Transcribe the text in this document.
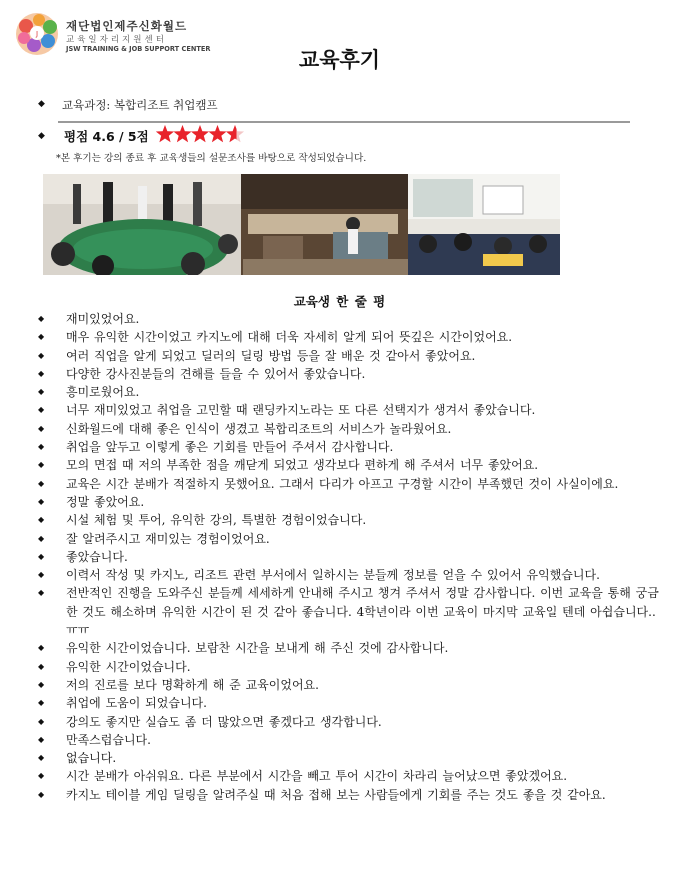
J
재단법인제주신화월드
교육일자리지원센터
JSW TRAINING & JOB SUPPORT CENTER	교육후기
◆ 교육과정: 복합리조트 취업캠프
◆ 평점 4.6 / 5점
*본 후기는 강의 종료 후 교육생들의 설문조사를 바탕으로 작성되었습니다.
교육생 한 줄 평
◆ 재미있었어요.
◆ 매우 유익한 시간이었고 카지노에 대해 더욱 자세히 알게 되어 뜻깊은 시간이었어요.
◆ 여러 직업을 알게 되었고 딜러의 딜링 방법 등을 잘 배운 것 같아서 좋았어요.
◆ 다양한 강사진분들의 견해를 들을 수 있어서 좋았습니다.
◆ 흥미로웠어요.
◆ 너무 재미있었고 취업을 고민할 때 랜딩카지노라는 또 다른 선택지가 생겨서 좋았습니다.
◆ 신화월드에 대해 좋은 인식이 생겼고 복합리조트의 서비스가 놀라웠어요.
◆ 취업을 앞두고 이렇게 좋은 기회를 만들어 주셔서 감사합니다.
◆ 모의 면접 때 저의 부족한 점을 깨닫게 되었고 생각보다 편하게 해 주셔서 너무 좋았어요.
◆ 교육은 시간 분배가 적절하지 못했어요. 그래서 다리가 아프고 구경할 시간이 부족했던 것이 사실이에요.
◆ 정말 좋았어요.
◆ 시설 체험 및 투어, 유익한 강의, 특별한 경험이었습니다.
◆ 잘 알려주시고 재미있는 경험이었어요.
◆ 좋았습니다.
◆ 이력서 작성 및 카지노, 리조트 관련 부서에서 일하시는 분들께 정보를 얻을 수 있어서 유익했습니다.
◆ 전반적인 진행을 도와주신 분들께 세세하게 안내해 주시고 챙겨 주셔서 정말 감사합니다. 이번 교육을 통해 궁금한 것도 해소하며 유익한 시간이 된 것 같아 좋습니다. 4학년이라 이번 교육이 마지막 교육일 텐데 아쉽습니다..ㅠㅠ
◆ 유익한 시간이었습니다. 보람찬 시간을 보내게 해 주신 것에 감사합니다.
◆ 유익한 시간이었습니다.
◆ 저의 진로를 보다 명확하게 해 준 교육이었어요.
◆ 취업에 도움이 되었습니다.
◆ 강의도 좋지만 실습도 좀 더 많았으면 좋겠다고 생각합니다.
◆ 만족스럽습니다.
◆ 없습니다.
◆ 시간 분배가 아쉬워요. 다른 부분에서 시간을 빼고 투어 시간이 차라리 늘어났으면 좋았겠어요.
◆ 카지노 테이블 게임 딜링을 알려주실 때 처음 접해 보는 사람들에게 기회를 주는 것도 좋을 것 같아요.
